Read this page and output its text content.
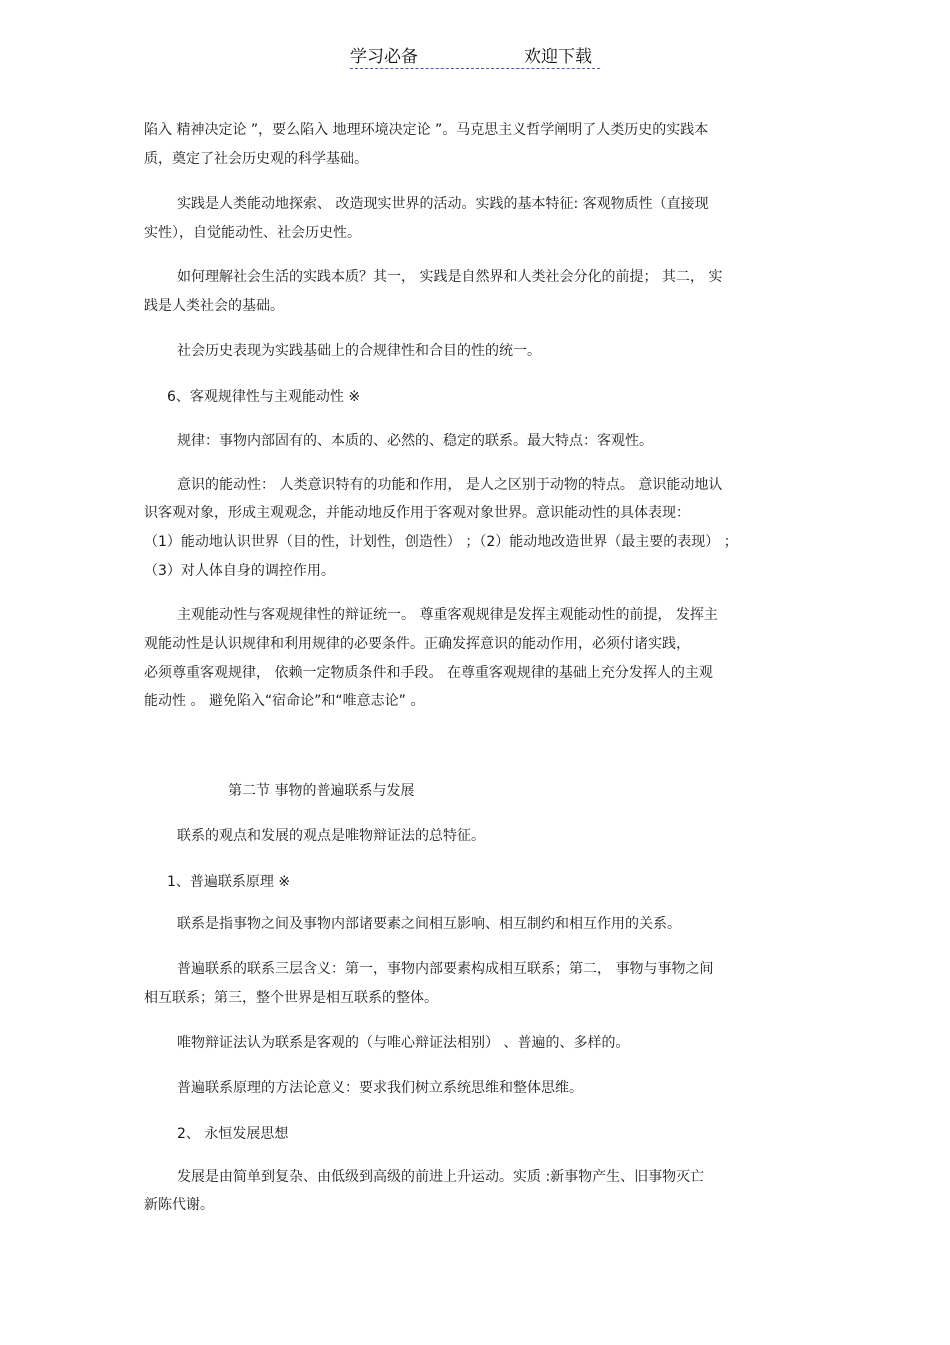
学习必备	欢迎下载
陷入 精神决定论 ”，要么陷入 地理环境决定论 ”。马克思主义哲学阐明了人类历史的实践本
质，奠定了社会历史观的科学基础。
实践是人类能动地探索、 改造现实世界的活动。实践的基本特征: 客观物质性（直接现
实性），自觉能动性、社会历史性。
如何理解社会生活的实践本质？其一， 实践是自然界和人类社会分化的前提； 其二， 实
践是人类社会的基础。
社会历史表现为实践基础上的合规律性和合目的性的统一。
6、客观规律性与主观能动性 ※
规律：事物内部固有的、本质的、必然的、稳定的联系。最大特点：客观性。
意识的能动性： 人类意识特有的功能和作用， 是人之区别于动物的特点。 意识能动地认
识客观对象，形成主观观念，并能动地反作用于客观对象世界。意识能动性的具体表现：
（1）能动地认识世界（目的性，计划性，创造性） ；（2）能动地改造世界（最主要的表现） ；
（3）对人体自身的调控作用。
主观能动性与客观规律性的辩证统一。 尊重客观规律是发挥主观能动性的前提， 发挥主
观能动性是认识规律和利用规律的必要条件。正确发挥意识的能动作用，必须付诸实践，
必须尊重客观规律， 依赖一定物质条件和手段。 在尊重客观规律的基础上充分发挥人的主观
能动性 。 避免陷入“宿命论”和“唯意志论” 。
第二节 事物的普遍联系与发展
联系的观点和发展的观点是唯物辩证法的总特征。
1、普遍联系原理 ※
联系是指事物之间及事物内部诸要素之间相互影响、相互制约和相互作用的关系。
普遍联系的联系三层含义：第一，事物内部要素构成相互联系；第二， 事物与事物之间
相互联系；第三，整个世界是相互联系的整体。
唯物辩证法认为联系是客观的（与唯心辩证法相别） 、普遍的、多样的。
普遍联系原理的方法论意义：要求我们树立系统思维和整体思维。
2、 永恒发展思想
发展是由简单到复杂、由低级到高级的前进上升运动。实质 :新事物产生、旧事物灭亡
新陈代谢。
